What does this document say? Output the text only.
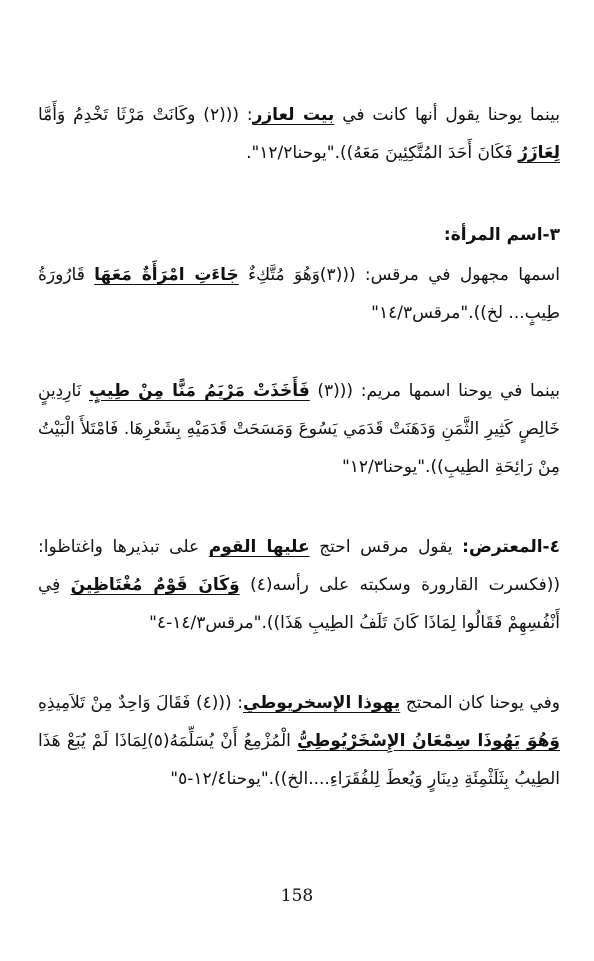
بينما يوحنا يقول أنها كانت في بيت لعازر: (((٢) وكَانَتْ مَرْثَا تَخْدِمُ وَأَمَّا لِعَازَرُ فَكَانَ أَحَدَ المُتَّكِئِينَ مَعَهُ))."يوحنا١٢/٢".
٣-اسم المرأة:
اسمها مجهول في مرقس: (((٣)وَهُوَ مُتَّكِءٌ جَاءَتِ امْرَأَةٌ مَعَهَا قَارُورَةُ طِيبٍ... لخ))."مرقس١٤/٣"
بينما في يوحنا اسمها مريم: (((٣) فَأَخَذَتْ مَرْيَمُ مَنًّا مِنْ طِيبٍ نَارِدِينٍ خَالِصٍ كَثِيرِ الثَّمَنِ وَدَهَنَتْ قَدَمَي يَسُوعَ وَمَسَحَتْ قَدَمَيْهِ بِشَعْرِهَا. فَامْتَلأَ الْبَيْتُ مِنْ رَائِحَةِ الطِيبِ))."يوحنا١٢/٣"
٤-المعترض: يقول مرقس احتج عليها القوم على تبذيرها واغتاظوا: ((فكسرت القارورة وسكبته على رأسه(٤) وَكَانَ قَوْمٌ مُغْتَاظِينَ فِي أَنْفُسِهِمْ فَقَالُوا لِمَاذَا كَانَ تَلَفُ الطِيبِ هَذَا))."مرقس١٤/٣-٤"
وفي يوحنا كان المحتج يهوذا الإسخريوطي: (((٤) فَقَالَ وَاحِدٌ مِنْ تَلاَمِيذِهِ وَهُوَ يَهُوذَا سِمْعَانُ الإِسْخَرْيُوطِيُّ الْمُزْمِعُ أَنْ يُسَلِّمَهُ(٥)لِمَاذَا لَمْ يُبَعْ هَذَا الطِيبُ بِثَلَثْمِئَةِ دِينَارٍ وَيُعطَ لِلفُقَرَاءِ....الخ))."يوحنا١٢/٤-٥"
158
